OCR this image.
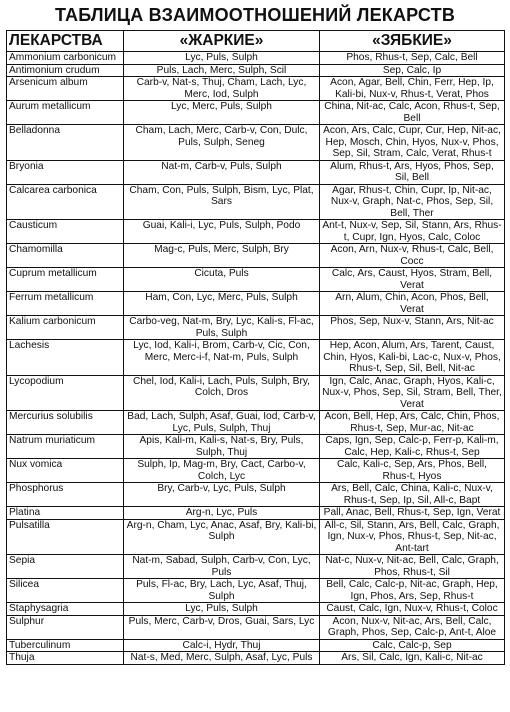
ТАБЛИЦА ВЗАИМООТНОШЕНИЙ ЛЕКАРСТВ
ЛЕКАРСТВА	«ЖАРКИЕ»	«ЗЯБКИЕ»
Ammonium carbonicum	Lyc, Puls, Sulph	Phos, Rhus-t, Sep, Calc, Bell
Antimonium crudum	Puls, Lach, Merc, Sulph, Scil	Sep, Calc, Ip
Arsenicum album	Carb-v, Nat-s, Thuj, Cham, Lach, Lyc, Merc, Iod, Sulph	Acon, Agar, Bell, Chin, Ferr, Hep, Ip, Kali-bi, Nux-v, Rhus-t, Verat, Phos
Aurum metallicum	Lyc, Merc, Puls, Sulph	China, Nit-ac, Calc, Acon, Rhus-t, Sep, Bell
Belladonna	Cham, Lach, Merc, Carb-v, Con, Dulc, Puls, Sulph, Seneg	Acon, Ars, Calc, Cupr, Cur, Hep, Nit-ac, Hep, Mosch, Chin, Hyos, Nux-v, Phos, Sep, Sil, Stram, Calc, Verat, Rhus-t
Bryonia	Nat-m, Carb-v, Puls, Sulph	Alum, Rhus-t, Ars, Hyos, Phos, Sep, Sil, Bell
Calcarea carbonica	Cham, Con, Puls, Sulph, Bism, Lyc, Plat, Sars	Agar, Rhus-t, Chin, Cupr, Ip, Nit-ac, Nux-v, Graph, Nat-c, Phos, Sep, Sil, Bell, Ther
Causticum	Guai, Kali-i, Lyc, Puls, Sulph, Podo	Ant-t, Nux-v, Sep, Sil, Stann, Ars, Rhus-t, Cupr, Ign, Hyos, Calc, Coloc
Chamomilla	Mag-c, Puls, Merc, Sulph, Bry	Acon, Arn, Nux-v, Rhus-t, Calc, Bell, Cocc
Cuprum metallicum	Cicuta, Puls	Calc, Ars, Caust, Hyos, Stram, Bell, Verat
Ferrum metallicum	Ham, Con, Lyc, Merc, Puls, Sulph	Arn, Alum, Chin, Acon, Phos, Bell, Verat
Kalium carbonicum	Carbo-veg, Nat-m, Bry, Lyc, Kali-s, Fl-ac, Puls, Sulph	Phos, Sep, Nux-v, Stann, Ars, Nit-ac
Lachesis	Lyc, Iod, Kali-i, Brom, Carb-v, Cic, Con, Merc, Merc-i-f, Nat-m, Puls, Sulph	Hep, Acon, Alum, Ars, Tarent, Caust, Chin, Hyos, Kali-bi, Lac-c, Nux-v, Phos, Rhus-t, Sep, Sil, Bell, Nit-ac
Lycopodium	Chel, Iod, Kali-i, Lach, Puls, Sulph, Bry, Colch, Dros	Ign, Calc, Anac, Graph, Hyos, Kali-c, Nux-v, Phos, Sep, Sil, Stram, Bell, Ther, Verat
Mercurius solubilis	Bad, Lach, Sulph, Asaf, Guai, Iod, Carb-v, Lyc, Puls, Sulph, Thuj	Acon, Bell, Hep, Ars, Calc, Chin, Phos, Rhus-t, Sep, Mur-ac, Nit-ac
Natrum muriaticum	Apis, Kali-m, Kali-s, Nat-s, Bry, Puls, Sulph, Thuj	Caps, Ign, Sep, Calc-p, Ferr-p, Kali-m, Calc, Hep, Kali-c, Rhus-t, Sep
Nux vomica	Sulph, Ip, Mag-m, Bry, Cact, Carbo-v, Colch, Lyc	Calc, Kali-c, Sep, Ars, Phos, Bell, Rhus-t, Hyos
Phosphorus	Bry, Carb-v, Lyc, Puls, Sulph	Ars, Bell, Calc, China, Kali-c, Nux-v, Rhus-t, Sep, Ip, Sil, All-c, Bapt
Platina	Arg-n, Lyc, Puls	Pall, Anac, Bell, Rhus-t, Sep, Ign, Verat
Pulsatilla	Arg-n, Cham, Lyc, Anac, Asaf, Bry, Kali-bi, Sulph	All-c, Sil, Stann, Ars, Bell, Calc, Graph, Ign, Nux-v, Phos, Rhus-t, Sep, Nit-ac, Ant-tart
Sepia	Nat-m, Sabad, Sulph, Carb-v, Con, Lyc, Puls	Nat-c, Nux-v, Nit-ac, Bell, Calc, Graph, Phos, Rhus-t, Sil
Silicea	Puls, Fl-ac, Bry, Lach, Lyc, Asaf, Thuj, Sulph	Bell, Calc, Calc-p, Nit-ac, Graph, Hep, Ign, Phos, Ars, Sep, Rhus-t
Staphysagria	Lyc, Puls, Sulph	Caust, Calc, Ign, Nux-v, Rhus-t, Coloc
Sulphur	Puls, Merc, Carb-v, Dros, Guai, Sars, Lyc	Acon, Nux-v, Nit-ac, Ars, Bell, Calc, Graph, Phos, Sep, Calc-p, Ant-t, Aloe
Tuberculinum	Calc-i, Hydr, Thuj	Calc, Calc-p, Sep
Thuja	Nat-s, Med, Merc, Sulph, Asaf, Lyc, Puls	Ars, Sil, Calc, Ign, Kali-c, Nit-ac
